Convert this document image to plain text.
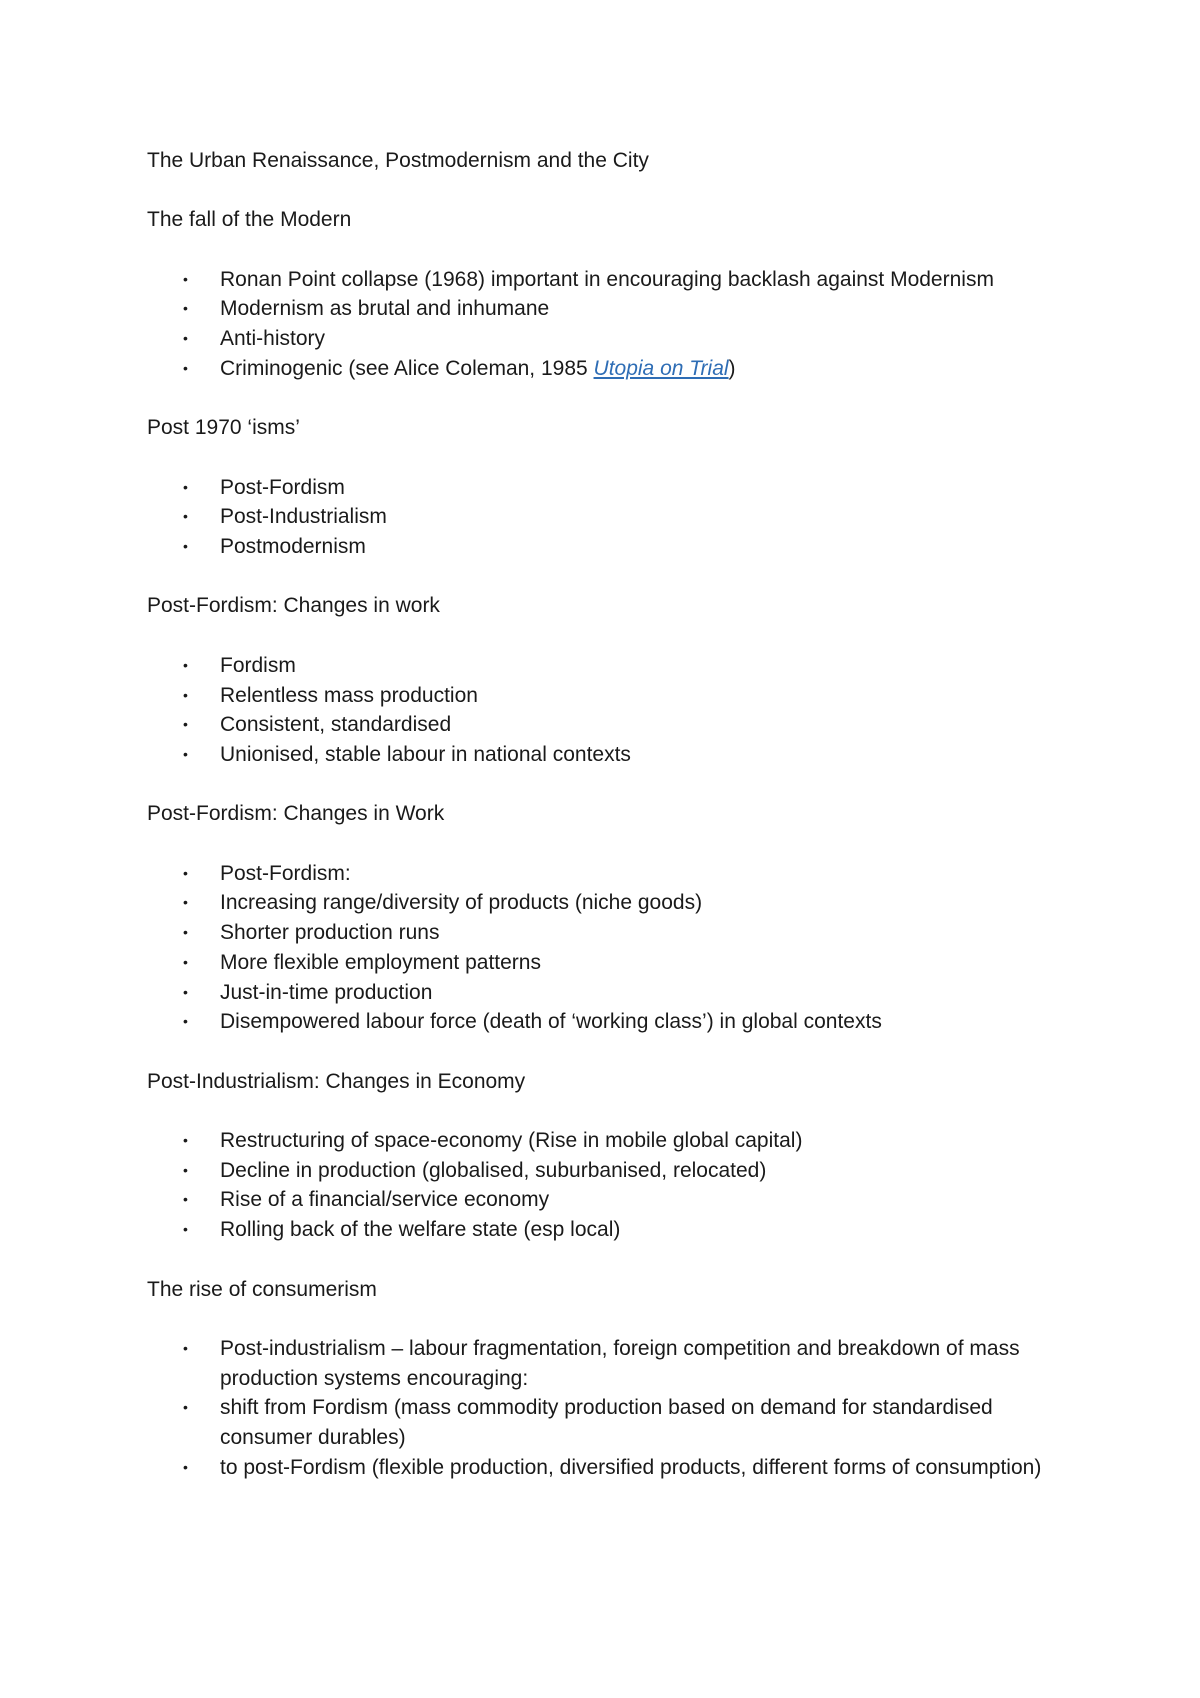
The Urban Renaissance, Postmodernism and the City
The fall of the Modern
•	Ronan Point collapse (1968) important in encouraging backlash against Modernism
•	Modernism as brutal and inhumane
•	Anti-history
•	Criminogenic (see Alice Coleman, 1985 Utopia on Trial)
Post 1970 ‘isms’
•	Post-Fordism
•	Post-Industrialism
•	Postmodernism
Post-Fordism: Changes in work
•	Fordism
•	Relentless mass production
•	Consistent, standardised
•	Unionised, stable labour in national contexts
Post-Fordism: Changes in Work
•	Post-Fordism:
•	Increasing range/diversity of products (niche goods)
•	Shorter production runs
•	More flexible employment patterns
•	Just-in-time production
•	Disempowered labour force (death of ‘working class’) in global contexts
Post-Industrialism: Changes in Economy
•	Restructuring of space-economy (Rise in mobile global capital)
•	Decline in production (globalised, suburbanised, relocated)
•	Rise of a financial/service economy
•	Rolling back of the welfare state (esp local)
The rise of consumerism
•	Post-industrialism – labour fragmentation, foreign competition and breakdown of mass production systems encouraging:
•	shift from Fordism (mass commodity production based on demand for standardised consumer durables)
•	to post-Fordism (flexible production, diversified products, different forms of consumption)
